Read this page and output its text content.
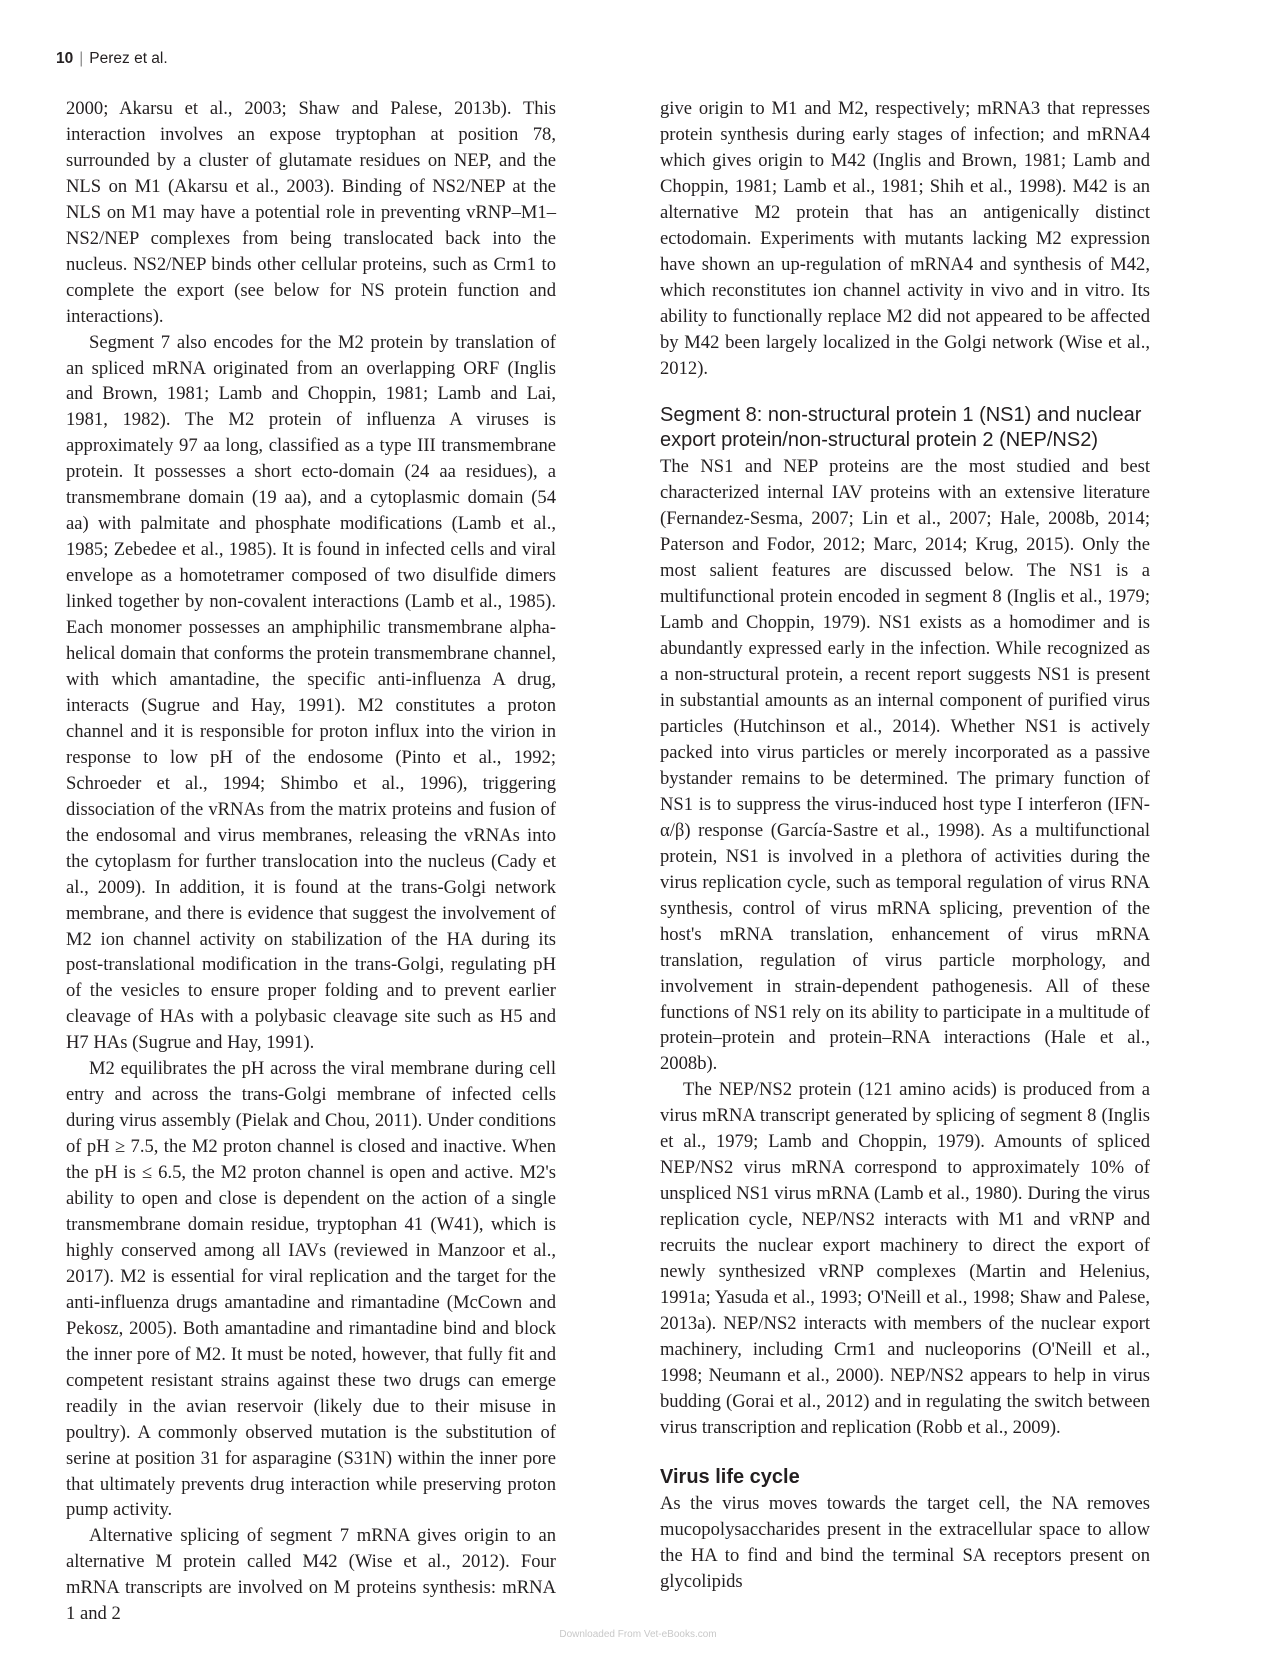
10 | Perez et al.

2000; Akarsu et al., 2003; Shaw and Palese, 2013b). This interaction involves an expose tryptophan at position 78, surrounded by a cluster of glutamate residues on NEP, and the NLS on M1 (Akarsu et al., 2003). Binding of NS2/NEP at the NLS on M1 may have a potential role in preventing vRNP–M1–NS2/NEP complexes from being translocated back into the nucleus. NS2/NEP binds other cellular proteins, such as Crm1 to complete the export (see below for NS protein function and interactions).

Segment 7 also encodes for the M2 protein by translation of an spliced mRNA originated from an overlapping ORF (Inglis and Brown, 1981; Lamb and Choppin, 1981; Lamb and Lai, 1981, 1982). The M2 protein of influenza A viruses is approximately 97 aa long, classified as a type III transmembrane protein. It possesses a short ecto-domain (24 aa residues), a transmembrane domain (19 aa), and a cytoplasmic domain (54 aa) with palmitate and phosphate modifications (Lamb et al., 1985; Zebedee et al., 1985). It is found in infected cells and viral envelope as a homotetramer composed of two disulfide dimers linked together by non-covalent interactions (Lamb et al., 1985). Each monomer possesses an amphiphilic transmembrane alpha-helical domain that conforms the protein transmembrane channel, with which amantadine, the specific anti-influenza A drug, interacts (Sugrue and Hay, 1991). M2 constitutes a proton channel and it is responsible for proton influx into the virion in response to low pH of the endosome (Pinto et al., 1992; Schroeder et al., 1994; Shimbo et al., 1996), triggering dissociation of the vRNAs from the matrix proteins and fusion of the endosomal and virus membranes, releasing the vRNAs into the cytoplasm for further translocation into the nucleus (Cady et al., 2009). In addition, it is found at the trans-Golgi network membrane, and there is evidence that suggest the involvement of M2 ion channel activity on stabilization of the HA during its post-translational modification in the trans-Golgi, regulating pH of the vesicles to ensure proper folding and to prevent earlier cleavage of HAs with a polybasic cleavage site such as H5 and H7 HAs (Sugrue and Hay, 1991).

M2 equilibrates the pH across the viral membrane during cell entry and across the trans-Golgi membrane of infected cells during virus assembly (Pielak and Chou, 2011). Under conditions of pH ≥ 7.5, the M2 proton channel is closed and inactive. When the pH is ≤ 6.5, the M2 proton channel is open and active. M2's ability to open and close is dependent on the action of a single transmembrane domain residue, tryptophan 41 (W41), which is highly conserved among all IAVs (reviewed in Manzoor et al., 2017). M2 is essential for viral replication and the target for the anti-influenza drugs amantadine and rimantadine (McCown and Pekosz, 2005). Both amantadine and rimantadine bind and block the inner pore of M2. It must be noted, however, that fully fit and competent resistant strains against these two drugs can emerge readily in the avian reservoir (likely due to their misuse in poultry). A commonly observed mutation is the substitution of serine at position 31 for asparagine (S31N) within the inner pore that ultimately prevents drug interaction while preserving proton pump activity.

Alternative splicing of segment 7 mRNA gives origin to an alternative M protein called M42 (Wise et al., 2012). Four mRNA transcripts are involved on M proteins synthesis: mRNA 1 and 2

give origin to M1 and M2, respectively; mRNA3 that represses protein synthesis during early stages of infection; and mRNA4 which gives origin to M42 (Inglis and Brown, 1981; Lamb and Choppin, 1981; Lamb et al., 1981; Shih et al., 1998). M42 is an alternative M2 protein that has an antigenically distinct ectodomain. Experiments with mutants lacking M2 expression have shown an up-regulation of mRNA4 and synthesis of M42, which reconstitutes ion channel activity in vivo and in vitro. Its ability to functionally replace M2 did not appeared to be affected by M42 been largely localized in the Golgi network (Wise et al., 2012).

Segment 8: non-structural protein 1 (NS1) and nuclear export protein/non-structural protein 2 (NEP/NS2)

The NS1 and NEP proteins are the most studied and best characterized internal IAV proteins with an extensive literature (Fernandez-Sesma, 2007; Lin et al., 2007; Hale, 2008b, 2014; Paterson and Fodor, 2012; Marc, 2014; Krug, 2015). Only the most salient features are discussed below. The NS1 is a multifunctional protein encoded in segment 8 (Inglis et al., 1979; Lamb and Choppin, 1979). NS1 exists as a homodimer and is abundantly expressed early in the infection. While recognized as a non-structural protein, a recent report suggests NS1 is present in substantial amounts as an internal component of purified virus particles (Hutchinson et al., 2014). Whether NS1 is actively packed into virus particles or merely incorporated as a passive bystander remains to be determined. The primary function of NS1 is to suppress the virus-induced host type I interferon (IFN-α/β) response (García-Sastre et al., 1998). As a multifunctional protein, NS1 is involved in a plethora of activities during the virus replication cycle, such as temporal regulation of virus RNA synthesis, control of virus mRNA splicing, prevention of the host's mRNA translation, enhancement of virus mRNA translation, regulation of virus particle morphology, and involvement in strain-dependent pathogenesis. All of these functions of NS1 rely on its ability to participate in a multitude of protein–protein and protein–RNA interactions (Hale et al., 2008b).

The NEP/NS2 protein (121 amino acids) is produced from a virus mRNA transcript generated by splicing of segment 8 (Inglis et al., 1979; Lamb and Choppin, 1979). Amounts of spliced NEP/NS2 virus mRNA correspond to approximately 10% of unspliced NS1 virus mRNA (Lamb et al., 1980). During the virus replication cycle, NEP/NS2 interacts with M1 and vRNP and recruits the nuclear export machinery to direct the export of newly synthesized vRNP complexes (Martin and Helenius, 1991a; Yasuda et al., 1993; O'Neill et al., 1998; Shaw and Palese, 2013a). NEP/NS2 interacts with members of the nuclear export machinery, including Crm1 and nucleoporins (O'Neill et al., 1998; Neumann et al., 2000). NEP/NS2 appears to help in virus budding (Gorai et al., 2012) and in regulating the switch between virus transcription and replication (Robb et al., 2009).

Virus life cycle

As the virus moves towards the target cell, the NA removes mucopolysaccharides present in the extracellular space to allow the HA to find and bind the terminal SA receptors present on glycolipids

Downloaded From Vet-eBooks.com
